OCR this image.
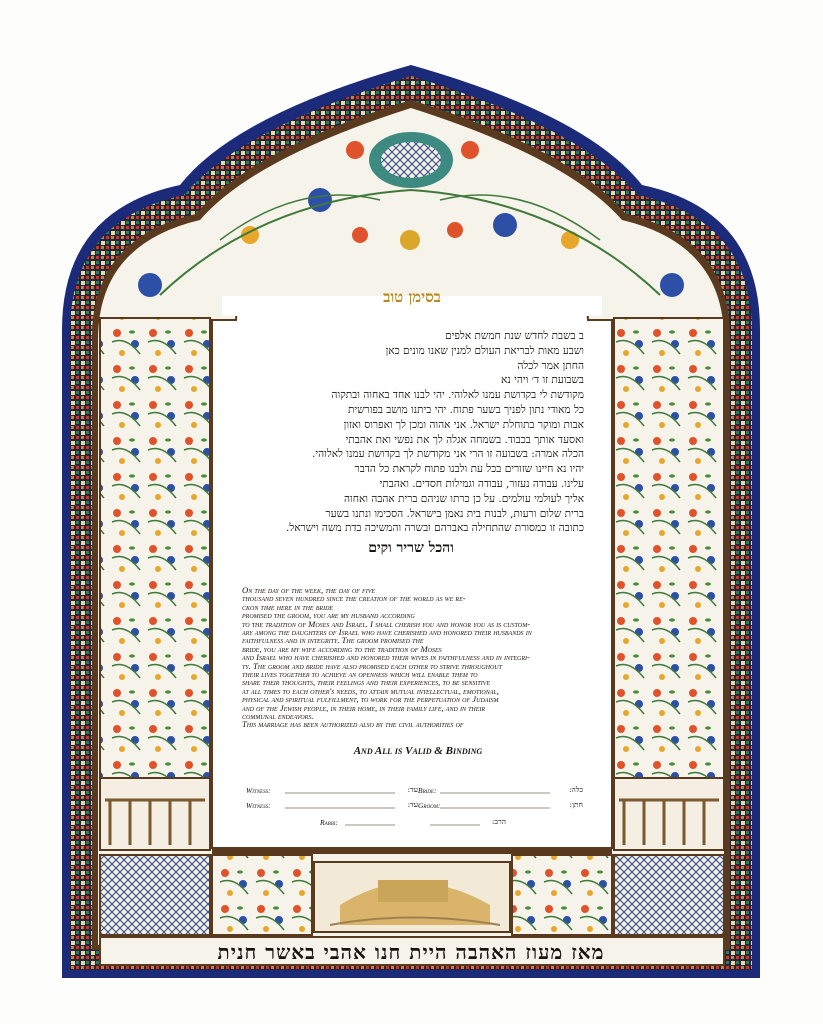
בסימן טוב
ב בשבת לחדש שנת חמשת אלפים
ושבע מאות לבריאת העולם למנין שאנו מונים כאן
החתן אמר לכלה
בשבועת זו ד׳ ויהי נא
מקודשת לי בקדושת עמנו לאלוהי. יהי לבנו אחד באחוה ובתקוה
כל מאודי נתון לפניך בשער פתוח. יהי ביתנו מושב בפורשית
אבות ומוקר בתוחלת ישראל. אני אהוה ומכן לך ואפרוס ואזון
ואסעד אותך בכבוד. בשמחה אגלה לך את נפשי ואת אהבתי
הכלה אמרה: בשבועה זו הרי אני מקודשת לך בקדושת עמנו לאלוהי.
יהיו נא חיינו שזורים בכל עת ולבנו פתוח לקראת כל הדבר
עלינו. עבודה נעזור, עבודה וגמילות חסדים. ואהבתי
אליך לעולמי עולמים. על כן כרתו שניהם ברית אהבה ואחוה
ברית שלום ורעות, לבנות בית נאמן בישראל. הסכימו ונתנו בשער
כתובה זו כמסורת שהתחילה באברהם ובשרה והמשיכה בדת משה וישראל.
והכל שריר וקים
On the day of the week, the day of five
thousand seven hundred since the creation of the world as we re-
ckon time here in the bride
promised the groom, you are my husband according
to the tradition of Moses and Israel. I shall cherish you and honor you as is custom-
ary among the daughters of Israel who have cherished and honored their husbands in
faithfulness and in integrity. The groom promised the
bride, you are my wife according to the tradition of Moses
and Israel who have cherished and honored their wives in faithfulness and in integri-
ty. The groom and bride have also promised each other to strive throughout
their lives together to achieve an openness which will enable them to
share their thoughts, their feelings and their experiences, to be sensitive
at all times to each other's needs, to attain mutual intellectual, emotional,
physical and spiritual fulfillment, to work for the perpetuation of Judaism
and of the Jewish people, in their home, in their family life, and in their
communal endeavors.
This marriage has been authorized also by the civil authorities of
And All is Valid & Binding
Witness:
Witness:
עד:
עד:
Bride:
Groom:
כלה:
חתן:
Rabbi:	הרב:
מאז מעוז האהבה היית חנו אהבי באשר חנית
